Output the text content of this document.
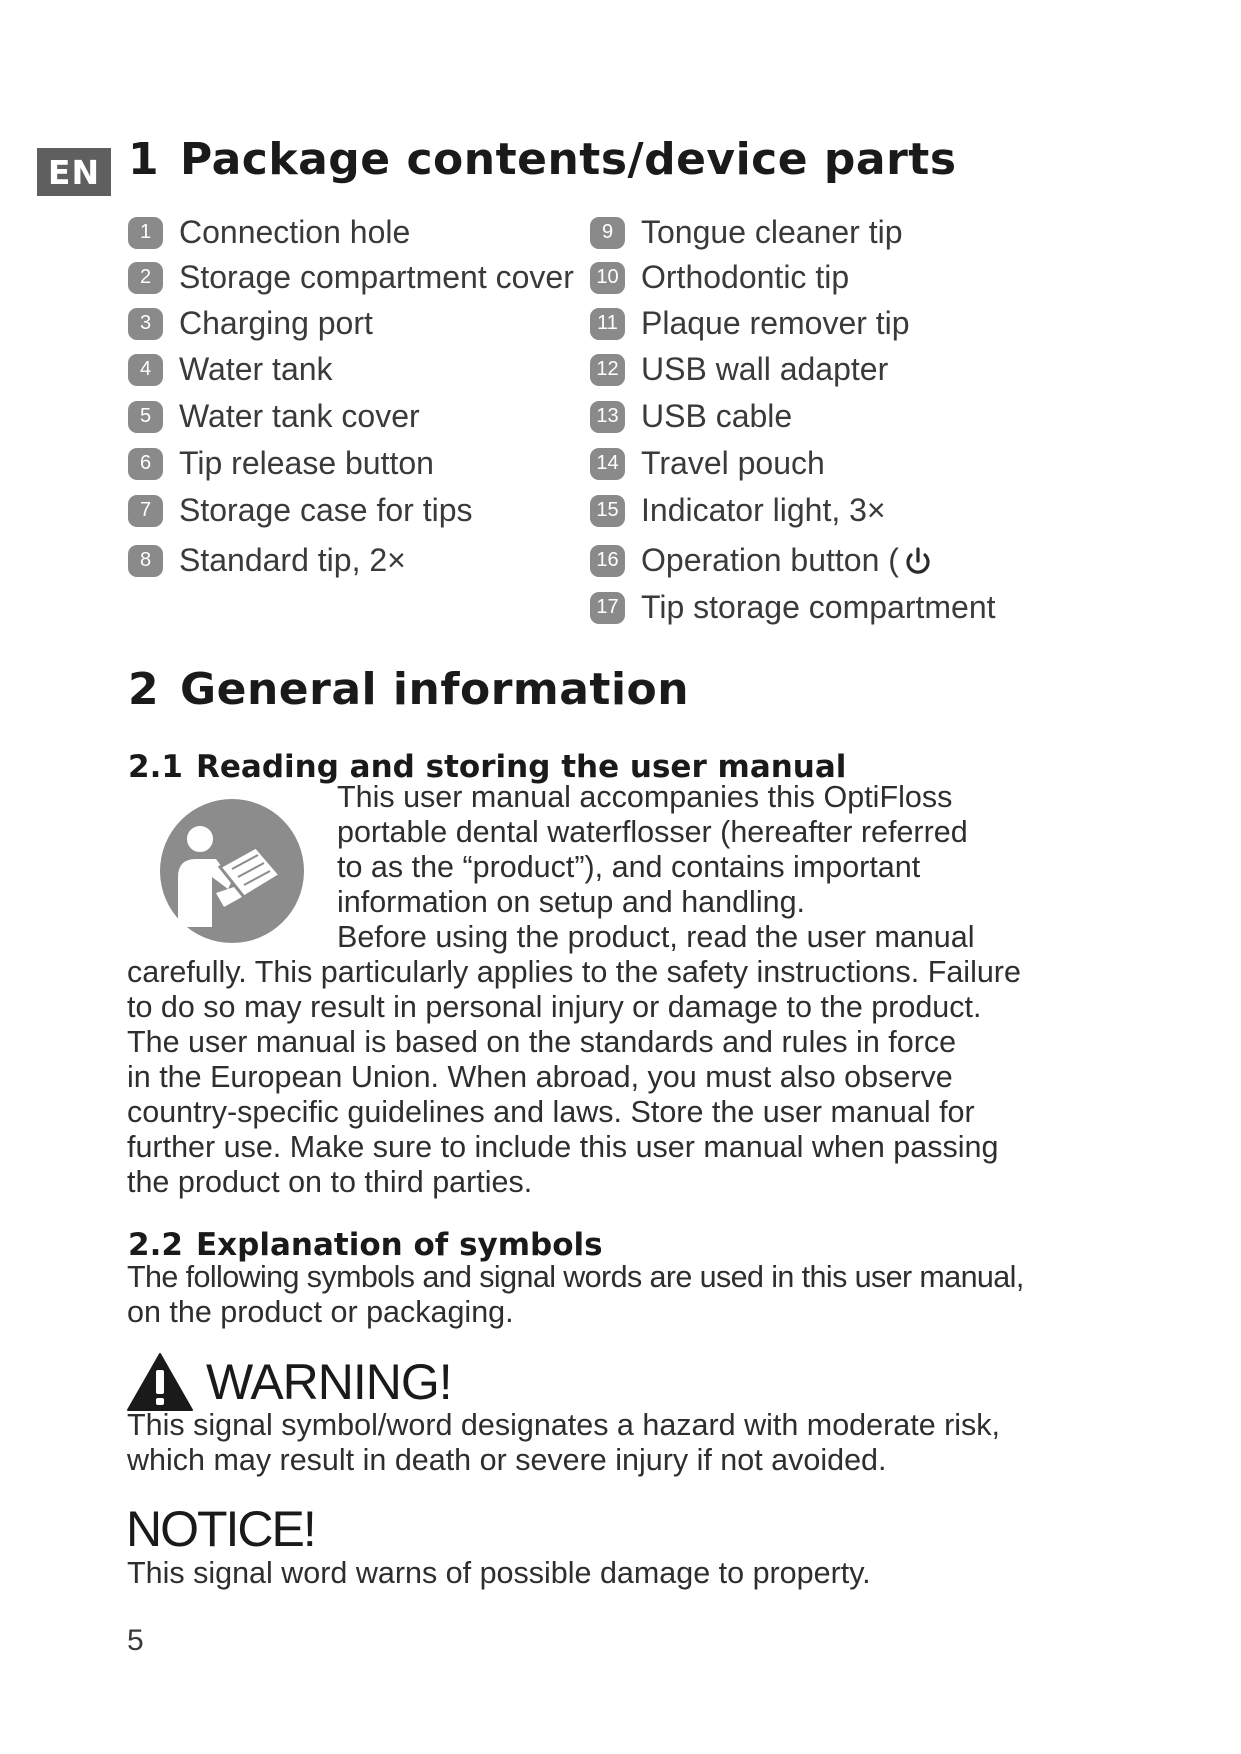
EN 1 Package contents/device parts
1 Connection hole
2 Storage compartment cover
3 Charging port
4 Water tank
5 Water tank cover
6 Tip release button
7 Storage case for tips
8 Standard tip, 2×
9 Tongue cleaner tip
10 Orthodontic tip
11 Plaque remover tip
12 USB wall adapter
13 USB cable
14 Travel pouch
15 Indicator light, 3×
16 Operation button (
17 Tip storage compartment
2 General information
2.1 Reading and storing the user manual

This user manual accompanies this OptiFloss

portable dental waterflosser (hereafter referred

to as the “product”), and contains important

information on setup and handling.

Before using the product, read the user manual

carefully. This particularly applies to the safety instructions. Failure

to do so may result in personal injury or damage to the product.

The user manual is based on the standards and rules in force

in the European Union. When abroad, you must also observe

country-specific guidelines and laws. Store the user manual for

further use. Make sure to include this user manual when passing

the product on to third parties.

2.2 Explanation of symbols

The following symbols and signal words are used in this user manual,

on the product or packaging.

WARNING!

This signal symbol/word designates a hazard with moderate risk,

which may result in death or severe injury if not avoided.

NOTICE!

This signal word warns of possible damage to property.

5
